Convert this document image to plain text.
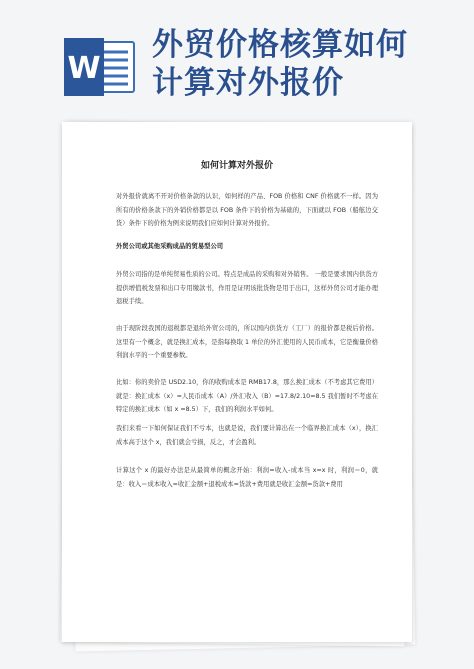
W
外贸价格核算如何
计算对外报价
如何计算对外报价
对外报价就离不开对价格条款的认识，如何样的产品、FOB 价格和 CNF 价格就不一样。因为所有的价格条款下的外销价格都是以 FOB 条件下的价格为基础的，下面就以 FOB（船舷边交货）条件下的价格为例来说明我们应如何计算对外报价。
外贸公司或其他采购成品的贸易型公司
外贸公司指的是单纯贸易性质的公司。特点是成品的采购和对外销售。 一般是要求国内供货方提供增值税发票和出口专用缴款书，作用是证明该批货物是用于出口，这样外贸公司才能办理退税手续。
由于现阶段我国的退税都是退给外贸公司的，所以国内供货方（工厂）的报价都是税后价格。这里有一个概念，就是换汇成本，是指每换取 1 单位的外汇使用的人民币成本，它是衡量价格利润水平的一个重要参数。
比如：你的卖价是 USD2.10，你的收购成本是 RMB17.8，那么换汇成本（不考虑其它费用）就是：换汇成本（x）=人民币成本（A）/外汇收入（B）=17.8/2.10=8.5 我们暂时不考虑在特定的换汇成本（如 x =8.5）下，我们的利润水平如何。
我们来看一下如何保证我们不亏本，也就是说，我们要计算出在一个临界换汇成本（x），换汇成本高于这个 x，我们就会亏损，反之，才会盈利。
计算这个 x 的最好办法是从最简单的概念开始：利润=收入-成本当 x=x 时，利润＝0，就是：收入＝成本收入=收汇金额+退税成本=货款+费用就是收汇金额=货款+费用
